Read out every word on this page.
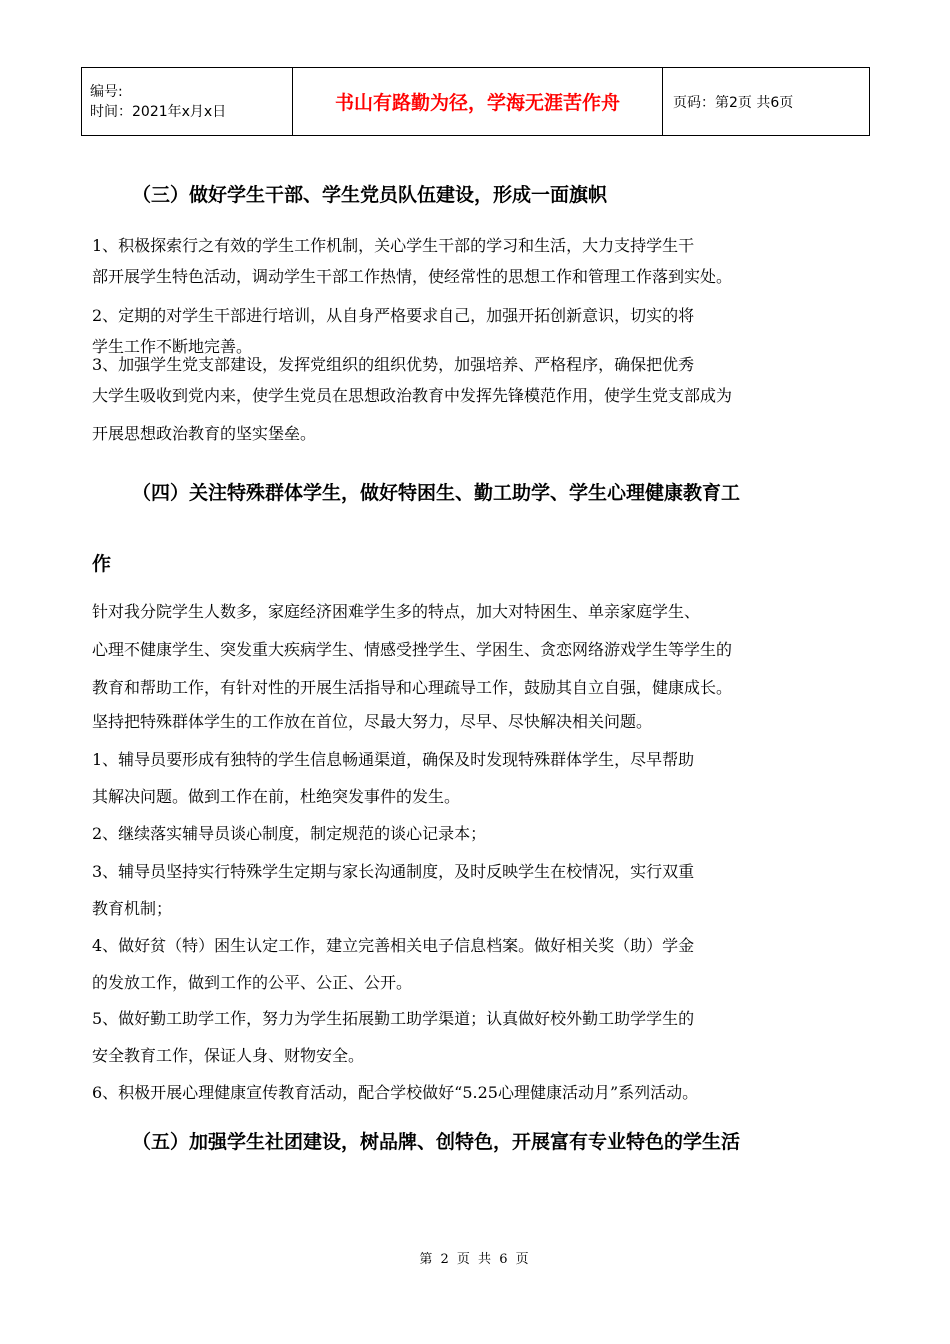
编号:
时间：2021年x月x日	书山有路勤为径，学海无涯苦作舟	页码：第2页 共6页
（三）做好学生干部、学生党员队伍建设，形成一面旗帜
1、积极探索行之有效的学生工作机制，关心学生干部的学习和生活，大力支持学生干
部开展学生特色活动，调动学生干部工作热情，使经常性的思想工作和管理工作落到实处。
2、定期的对学生干部进行培训，从自身严格要求自己，加强开拓创新意识，切实的将
学生工作不断地完善。
3、加强学生党支部建设，发挥党组织的组织优势，加强培养、严格程序，确保把优秀
大学生吸收到党内来，使学生党员在思想政治教育中发挥先锋模范作用，使学生党支部成为
开展思想政治教育的坚实堡垒。
（四）关注特殊群体学生，做好特困生、勤工助学、学生心理健康教育工
作
针对我分院学生人数多，家庭经济困难学生多的特点，加大对特困生、单亲家庭学生、
心理不健康学生、突发重大疾病学生、情感受挫学生、学困生、贪恋网络游戏学生等学生的
教育和帮助工作，有针对性的开展生活指导和心理疏导工作，鼓励其自立自强，健康成长。
坚持把特殊群体学生的工作放在首位，尽最大努力，尽早、尽快解决相关问题。
1、辅导员要形成有独特的学生信息畅通渠道，确保及时发现特殊群体学生，尽早帮助
其解决问题。做到工作在前，杜绝突发事件的发生。
2、继续落实辅导员谈心制度，制定规范的谈心记录本；
3、辅导员坚持实行特殊学生定期与家长沟通制度，及时反映学生在校情况，实行双重
教育机制；
4、做好贫（特）困生认定工作，建立完善相关电子信息档案。做好相关奖（助）学金
的发放工作，做到工作的公平、公正、公开。
5、做好勤工助学工作，努力为学生拓展勤工助学渠道；认真做好校外勤工助学学生的
安全教育工作，保证人身、财物安全。
6、积极开展心理健康宣传教育活动，配合学校做好“5.25心理健康活动月”系列活动。
（五）加强学生社团建设，树品牌、创特色，开展富有专业特色的学生活
第 2 页 共 6 页
